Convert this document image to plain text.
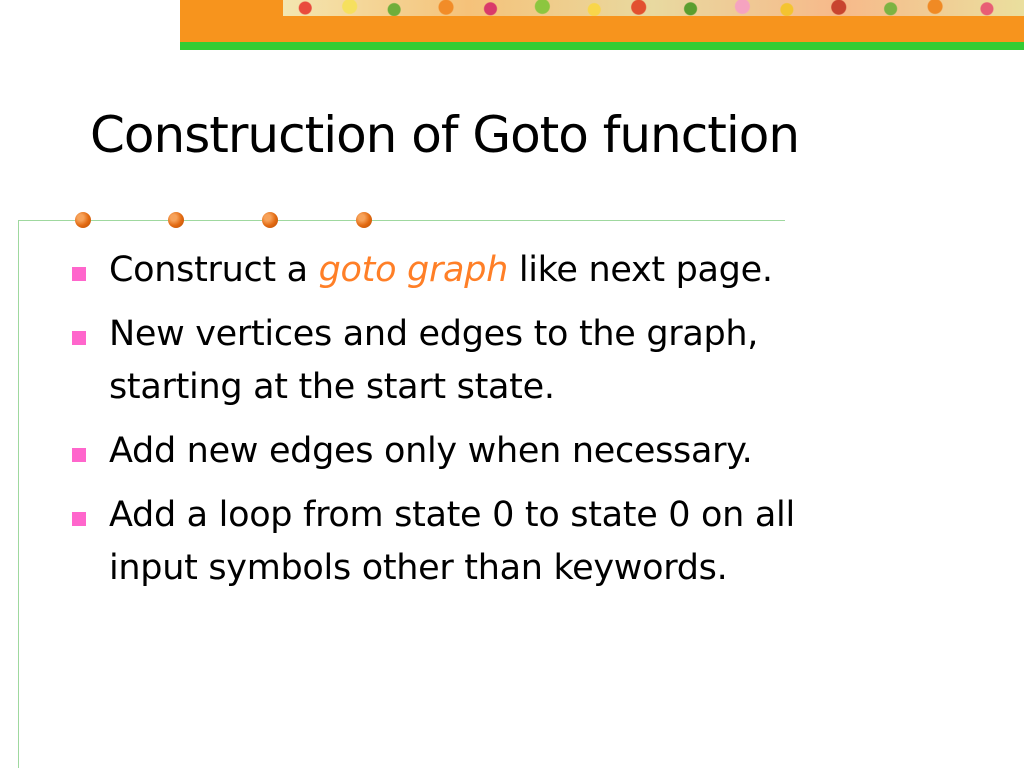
Construction of Goto function
Construct a goto graph like next page.
New vertices and edges to the graph,
starting at the start state.
Add new edges only when necessary.
Add a loop from state 0 to state 0 on all
input symbols other than keywords.
